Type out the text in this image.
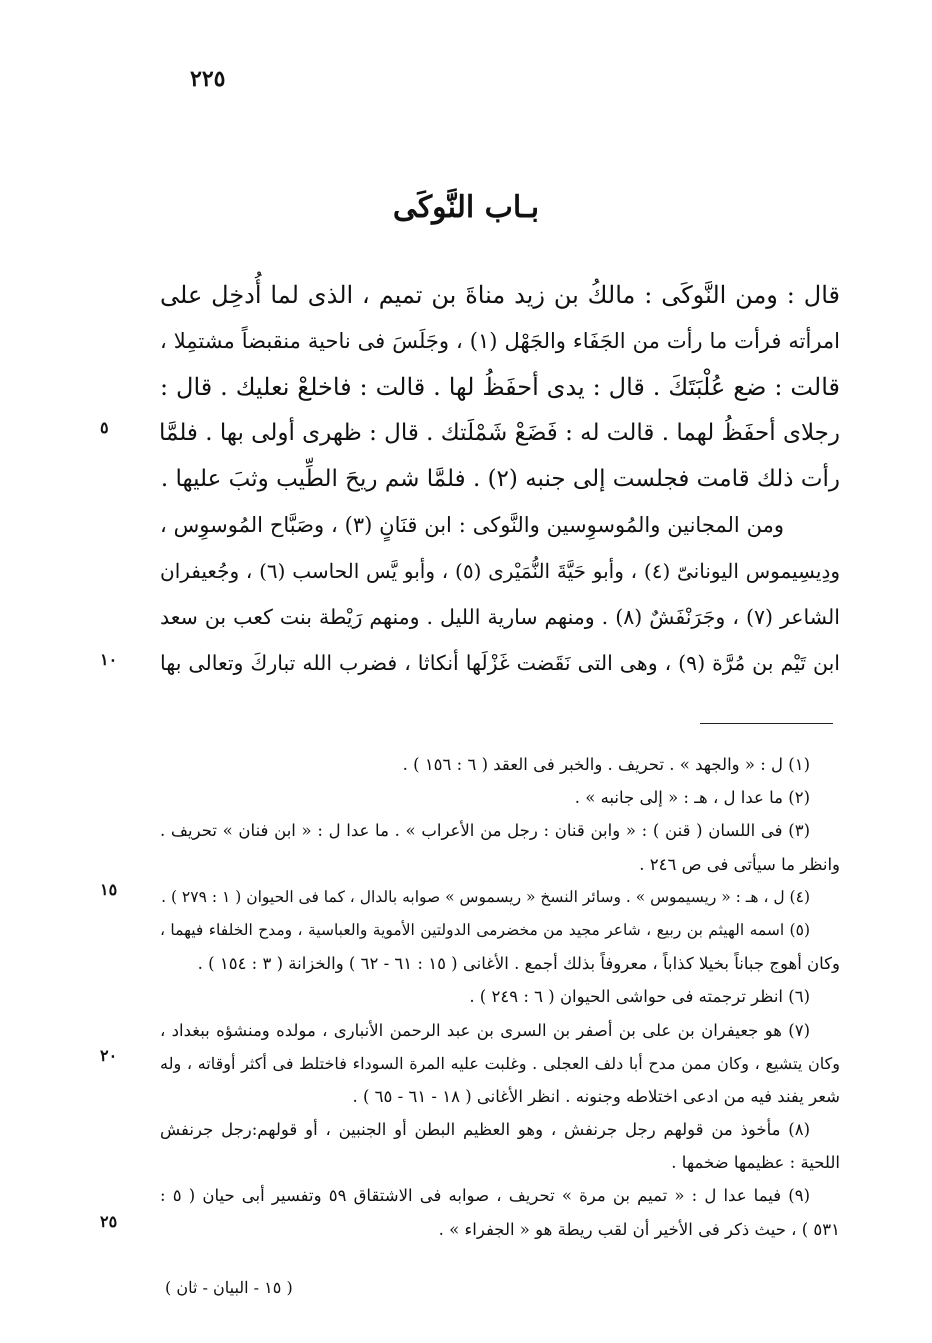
٢٢٥
بـاب النَّوكَى
قال : ومن النَّوكَى : مالكُ بن زيد مناةَ بن تميم ، الذى لما أُدخِل على
امرأته فرأت ما رأت من الجَفَاء والجَهْل (١) ، وجَلَسَ فى ناحية منقبضاً مشتمِلا ،
قالت : ضع عُلْبَتَكَ . قال : يدى أحفَظُ لها . قالت : فاخلعْ نعليك . قال :
رجلاى أحفَظُ لهما . قالت له : فَضَعْ شَمْلَتك . قال : ظهرى أولى بها . فلمَّا
رأت ذلك قامت فجلست إلى جنبه (٢) . فلمَّا شم ريحَ الطِّيب وثبَ عليها .
ومن المجانين والمُوسوِسين والنَّوكى : ابن قنَانٍ (٣) ، وصَبَّاح المُوسوِس ،
ودِيسِيموس اليونانىّ (٤) ، وأبو حَيَّةَ النُّمَيْرى (٥) ، وأبو يَّس الحاسب (٦) ، وجُعيفران
الشاعر (٧) ، وجَرَنْفَشٌ (٨) . ومنهم سارية الليل . ومنهم رَيْطة بنت كعب بن سعد
ابن تَيْم بن مُرَّة (٩) ، وهى التى نَقَضت غَزْلَها أنكاثا ، فضرب الله تباركَ وتعالى بها
٥
١٠
(١) ل : « والجهد » . تحريف . والخبر فى العقد ( ٦ : ١٥٦ ) .
(٢) ما عدا ل ، هـ : « إلى جانبه » .
(٣) فى اللسان ( قنن ) : « وابن قنان : رجل من الأعراب » . ما عدا ل : « ابن فنان » تحريف .
وانظر ما سيأتى فى ص ٢٤٦ .
(٤) ل ، هـ : « ريسيموس » . وسائر النسخ « ريسموس » صوابه بالدال ، كما فى الحيوان ( ١ : ٢٧٩ ) .
(٥) اسمه الهيثم بن ربيع ، شاعر مجيد من مخضرمى الدولتين الأموية والعباسية ، ومدح الخلفاء فيهما ،
وكان أهوج جباناً بخيلا كذاباً ، معروفاً بذلك أجمع . الأغانى ( ١٥ : ٦١ - ٦٢ ) والخزانة ( ٣ : ١٥٤ ) .
(٦) انظر ترجمته فى حواشى الحيوان ( ٦ : ٢٤٩ ) .
(٧) هو جعيفران بن على بن أصفر بن السرى بن عبد الرحمن الأنبارى ، مولده ومنشؤه ببغداد ،
وكان يتشيع ، وكان ممن مدح أبا دلف العجلى . وغلبت عليه المرة السوداء فاختلط فى أكثر أوقاته ، وله
شعر يفند فيه من ادعى اختلاطه وجنونه . انظر الأغانى ( ١٨ - ٦١ - ٦٥ ) .
(٨) مأخوذ من قولهم رجل جرنفش ، وهو العظيم البطن أو الجنبين ، أو قولهم:رجل جرنفش
اللحية : عظيمها ضخمها .
(٩) فيما عدا ل : « تميم بن مرة » تحريف ، صوابه فى الاشتقاق ٥٩ وتفسير أبى حيان ( ٥ :
٥٣١ ) ، حيث ذكر فى الأخير أن لقب ريطة هو « الجفراء » .
١٥
٢٠
٢٥
( ١٥ - البيان - ثان )
